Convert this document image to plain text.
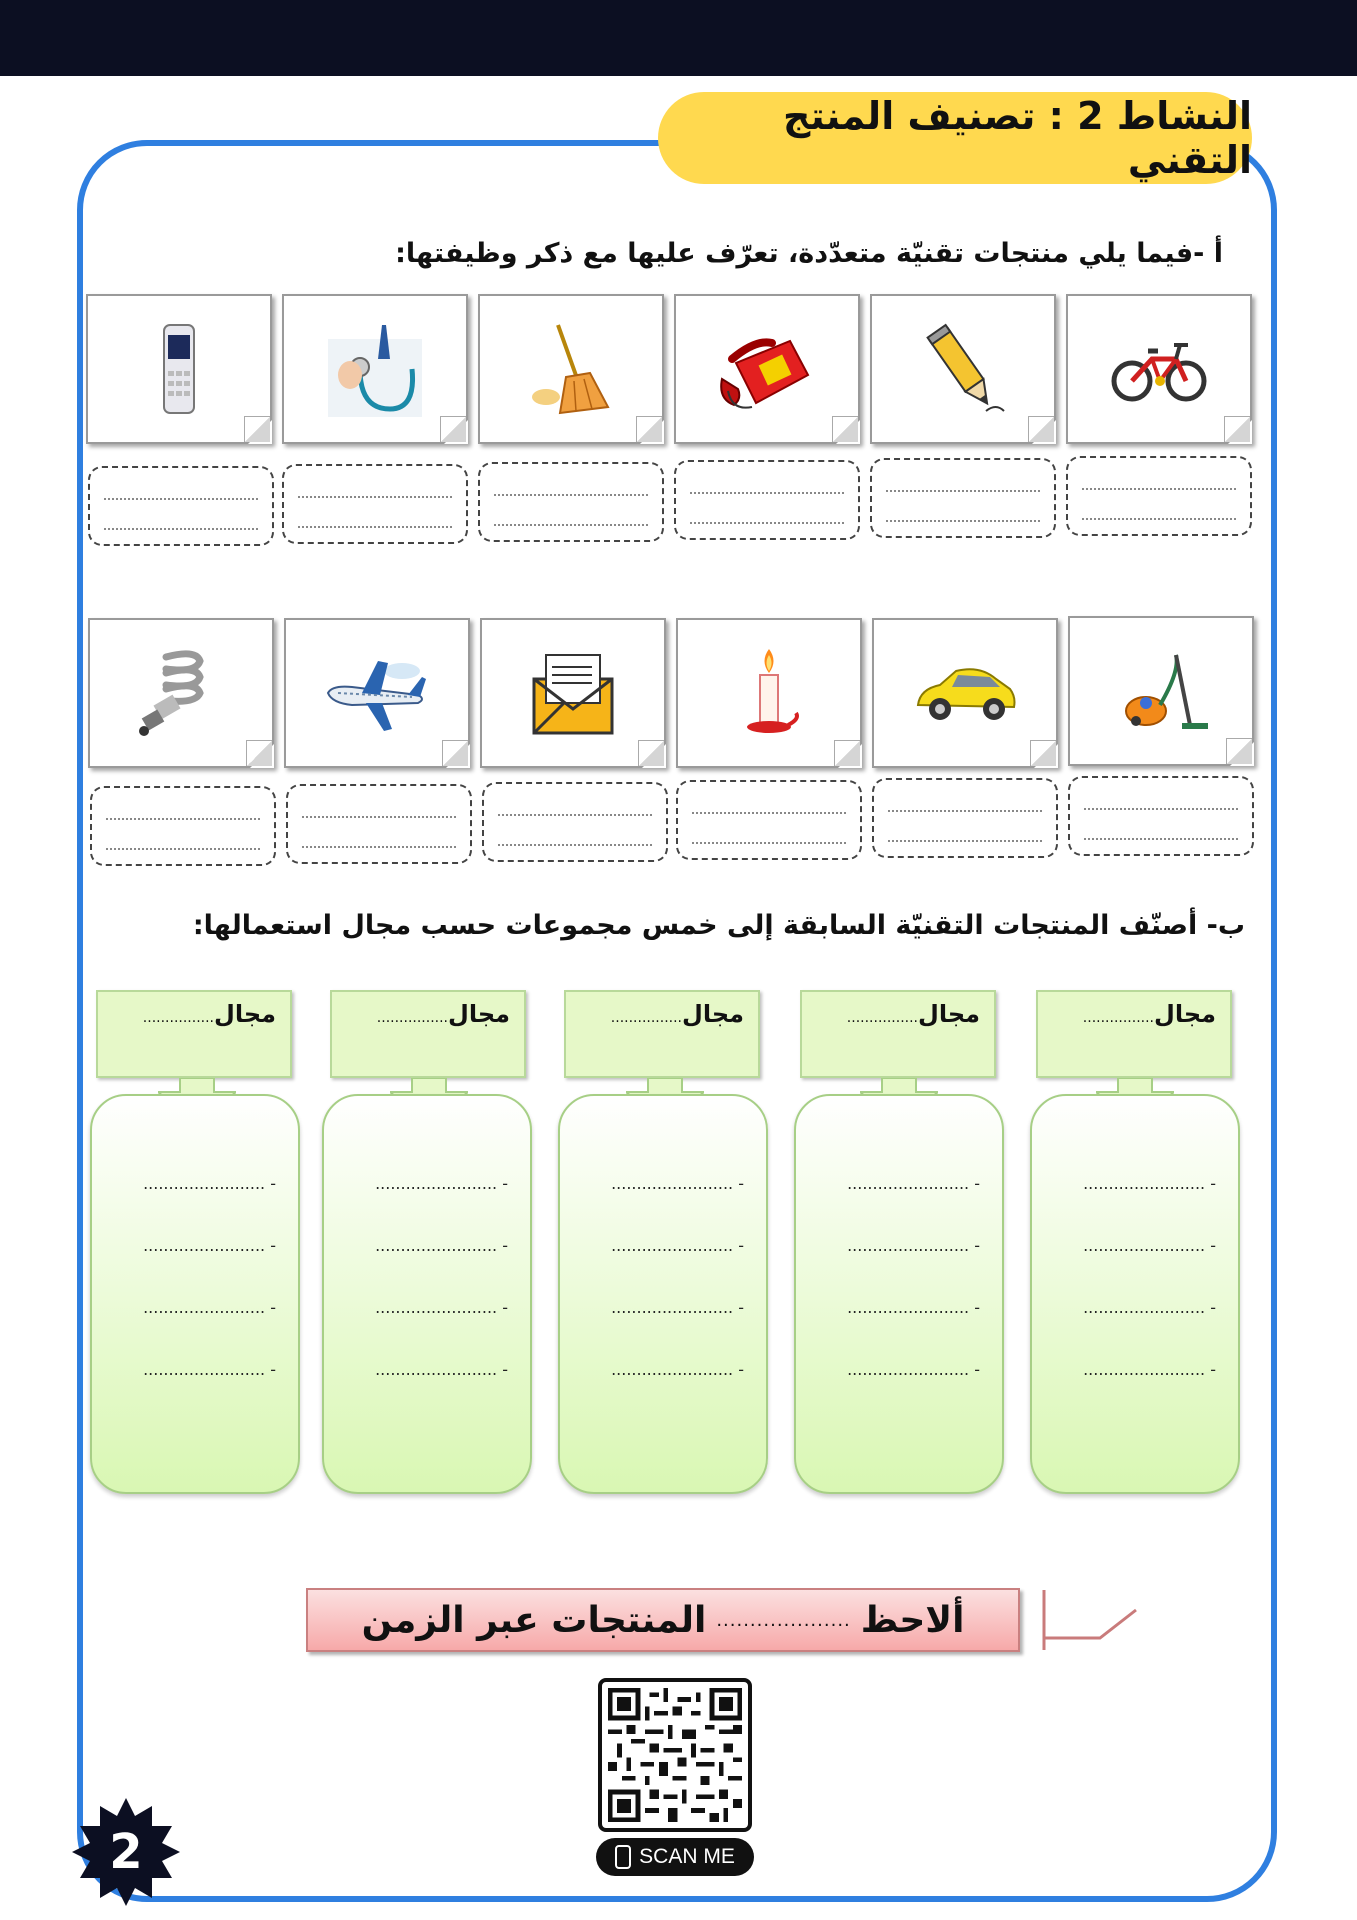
النشاط 2 : تصنيف المنتج التقني
أ -فيما يلي منتجات تقنيّة متعدّدة، تعرّف عليها مع ذكر وظيفتها:
ب- أصنّف المنتجات التقنيّة السابقة إلى خمس مجموعات حسب مجال استعمالها:
مجال................
- ........................
- ........................
- ........................
- ........................
مجال................
- ........................
- ........................
- ........................
- ........................
مجال................
- ........................
- ........................
- ........................
- ........................
مجال................
- ........................
- ........................
- ........................
- ........................
مجال................
- ........................
- ........................
- ........................
- ........................
ألاحظ
....................
المنتجات عبر الزمن
SCAN ME
2
